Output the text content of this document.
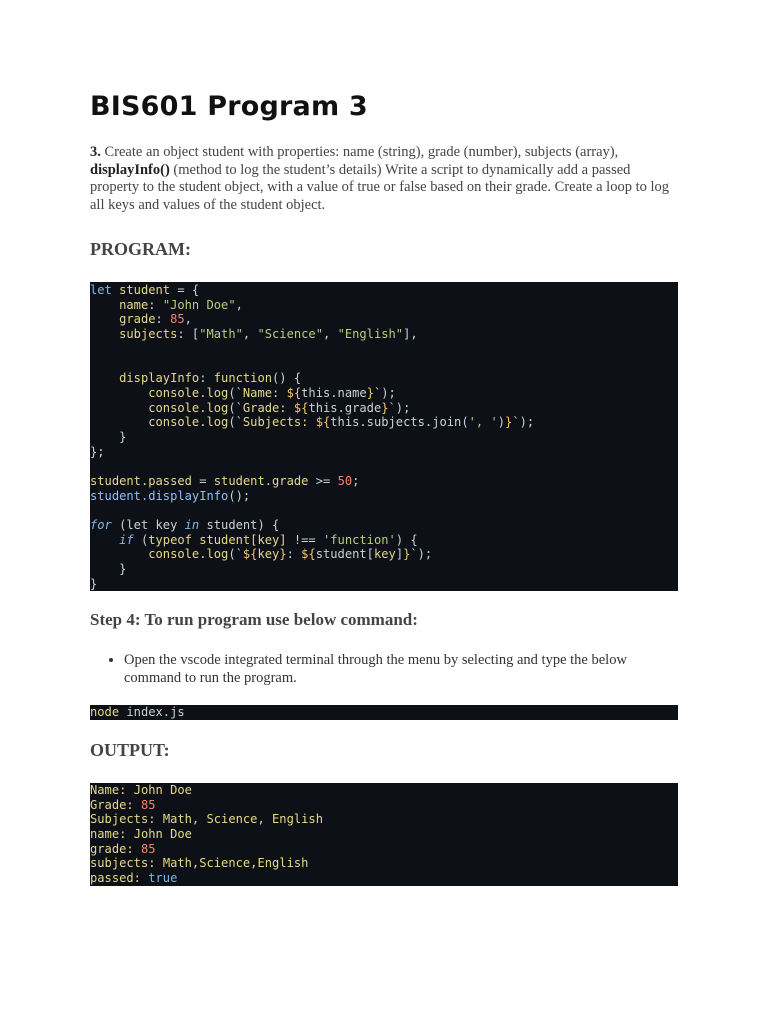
BIS601 Program 3

3. Create an object student with properties: name (string), grade (number), subjects (array), displayInfo() (method to log the student’s details) Write a script to dynamically add a passed property to the student object, with a value of true or false based on their grade. Create a loop to log all keys and values of the student object.

PROGRAM:
let student = {
name: "John Doe",
grade: 85,
subjects: ["Math", "Science", "English"],
displayInfo: function() {
console.log(`Name: ${this.name}`);
console.log(`Grade: ${this.grade}`);
console.log(`Subjects: ${this.subjects.join(', ')}`);
}
};
student.passed = student.grade >= 50;
student.displayInfo();
for (let key in student) {
if (typeof student[key] !== 'function') {
console.log(`${key}: ${student[key]}`);
}
}
Step 4: To run program use below command:
• Open the vscode integrated terminal through the menu by selecting and type the below command to run the program.
node index.js
OUTPUT:
Name: John Doe
Grade: 85
Subjects: Math, Science, English
name: John Doe
grade: 85
subjects: Math,Science,English
passed: true
